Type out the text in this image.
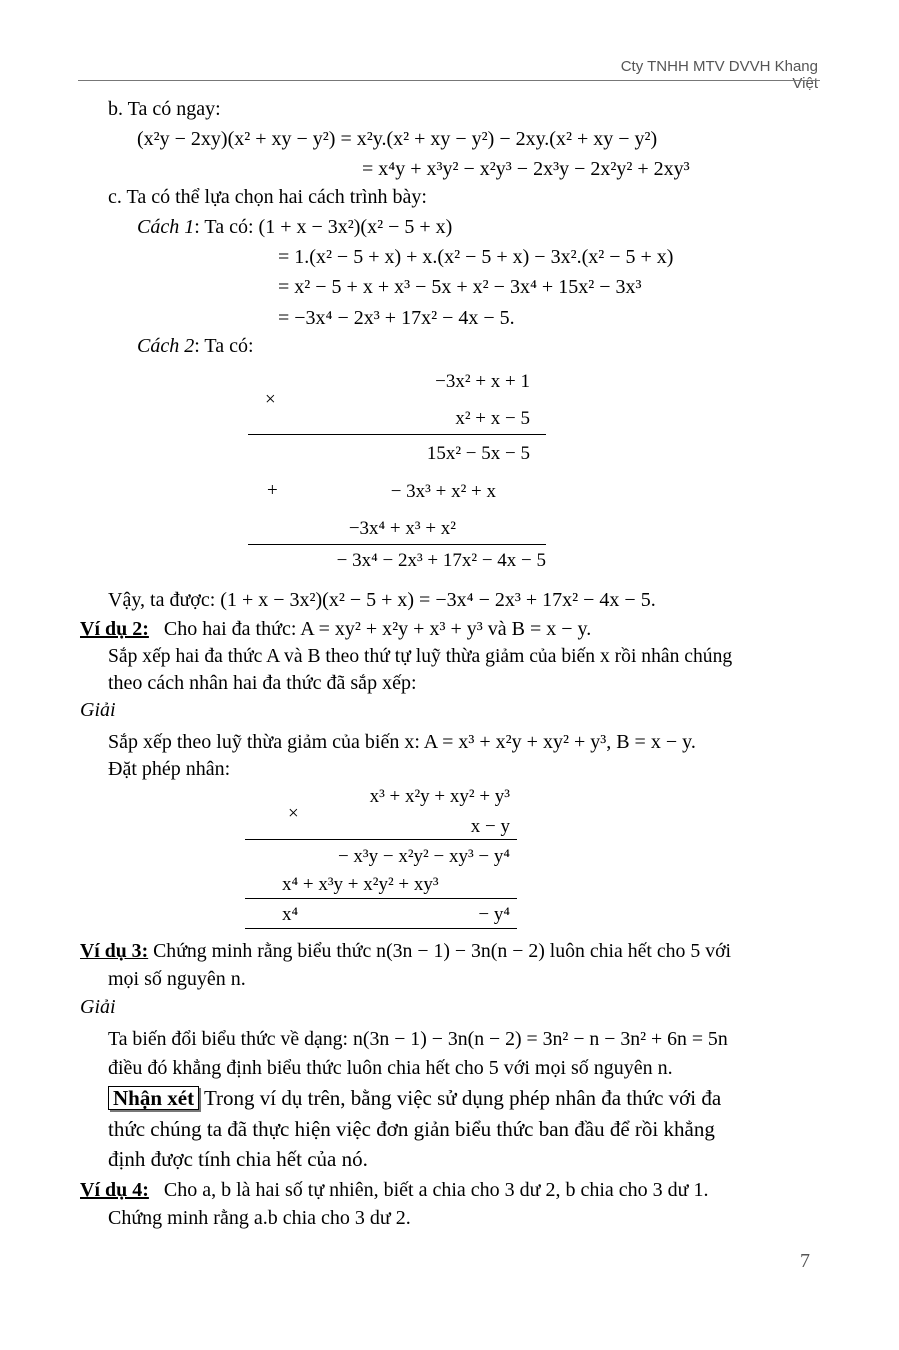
Cty TNHH MTV DVVH Khang Việt
b. Ta có ngay:
(x²y − 2xy)(x² + xy − y²) = x²y.(x² + xy − y²) − 2xy.(x² + xy − y²)
= x⁴y + x³y² − x²y³ − 2x³y − 2x²y² + 2xy³
c. Ta có thể lựa chọn hai cách trình bày:
Cách 1: Ta có: (1 + x − 3x²)(x² − 5 + x)
= 1.(x² − 5 + x) + x.(x² − 5 + x) − 3x².(x² − 5 + x)
= x² − 5 + x + x³ − 5x + x² − 3x⁴ + 15x² − 3x³
= −3x⁴ − 2x³ + 17x² − 4x − 5.
Cách 2: Ta có:
×
−3x² + x + 1
x² + x − 5
15x² − 5x − 5
+	− 3x³ + x² + x
−3x⁴ + x³ + x²
− 3x⁴ − 2x³ + 17x² − 4x − 5
Vậy, ta được: (1 + x − 3x²)(x² − 5 + x) = −3x⁴ − 2x³ + 17x² − 4x − 5.
Ví dụ 2: Cho hai đa thức: A = xy² + x²y + x³ + y³ và B = x − y.
Sắp xếp hai đa thức A và B theo thứ tự luỹ thừa giảm của biến x rồi nhân chúng
theo cách nhân hai đa thức đã sắp xếp:
Giải
Sắp xếp theo luỹ thừa giảm của biến x: A = x³ + x²y + xy² + y³, B = x − y.
Đặt phép nhân:
×
x³ + x²y + xy² + y³
x − y
− x³y − x²y² − xy³ − y⁴
x⁴ + x³y + x²y² + xy³
x⁴	− y⁴
Ví dụ 3: Chứng minh rằng biểu thức n(3n − 1) − 3n(n − 2) luôn chia hết cho 5 với
mọi số nguyên n.
Giải
Ta biến đổi biểu thức về dạng: n(3n − 1) − 3n(n − 2) = 3n² − n − 3n² + 6n = 5n
điều đó khẳng định biểu thức luôn chia hết cho 5 với mọi số nguyên n.
Nhận xét Trong ví dụ trên, bằng việc sử dụng phép nhân đa thức với đa
thức chúng ta đã thực hiện việc đơn giản biểu thức ban đầu để rồi khẳng
định được tính chia hết của nó.
Ví dụ 4: Cho a, b là hai số tự nhiên, biết a chia cho 3 dư 2, b chia cho 3 dư 1.
Chứng minh rằng a.b chia cho 3 dư 2.
7
